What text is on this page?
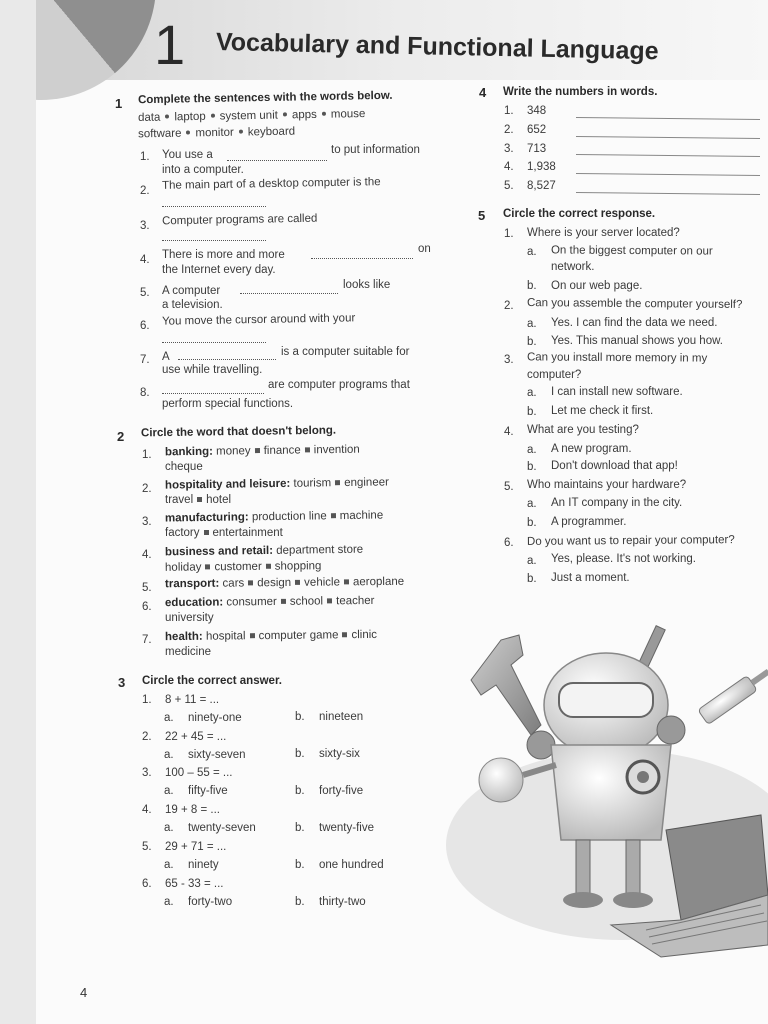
1 Vocabulary and Functional Language
1 Complete the sentences with the words below.
data laptop system unit apps mouse
software monitor keyboard
1. You use a	to put information
into a computer.
2. The main part of a desktop computer is the
3. Computer programs are called
4. There is more and more	on
the Internet every day.
5. A computer	looks like
a television.
6. You move the cursor around with your
7. A	is a computer suitable for
use while travelling.
8.
are computer programs that
perform special functions.
2 Circle the word that doesn't belong.
1. banking: money finance invention
cheque
2. hospitality and leisure: tourism engineer
travel hotel
3. manufacturing: production line machine
factory entertainment
4. business and retail: department store
holiday customer shopping
5. transport: cars design vehicle aeroplane
6. education: consumer school teacher
university
7. health: hospital computer game clinic
medicine
3 Circle the correct answer.
1. 8 + 11 = ...
a. ninety-one	b. nineteen
2. 22 + 45 = ...
a. sixty-seven	b. sixty-six
3. 100 – 55 = ...
a. fifty-five	b. forty-five
4. 19 + 8 = ...
a. twenty-seven	b. twenty-five
5. 29 + 71 = ...
a. ninety	b. one hundred
6. 65 - 33 = ...
a. forty-two	b. thirty-two
4 Write the numbers in words.
1. 348
2. 652
3. 713
4. 1,938
5. 8,527
5 Circle the correct response.
1. Where is your server located?
a. On the biggest computer on our
network.
b. On our web page.
2. Can you assemble the computer yourself?
a. Yes. I can find the data we need.
b. Yes. This manual shows you how.
3. Can you install more memory in my
computer?
a. I can install new software.
b. Let me check it first.
4. What are you testing?
a. A new program.
b. Don't download that app!
5. Who maintains your hardware?
a. An IT company in the city.
b. A programmer.
6. Do you want us to repair your computer?
a. Yes, please. It's not working.
b. Just a moment.
4
